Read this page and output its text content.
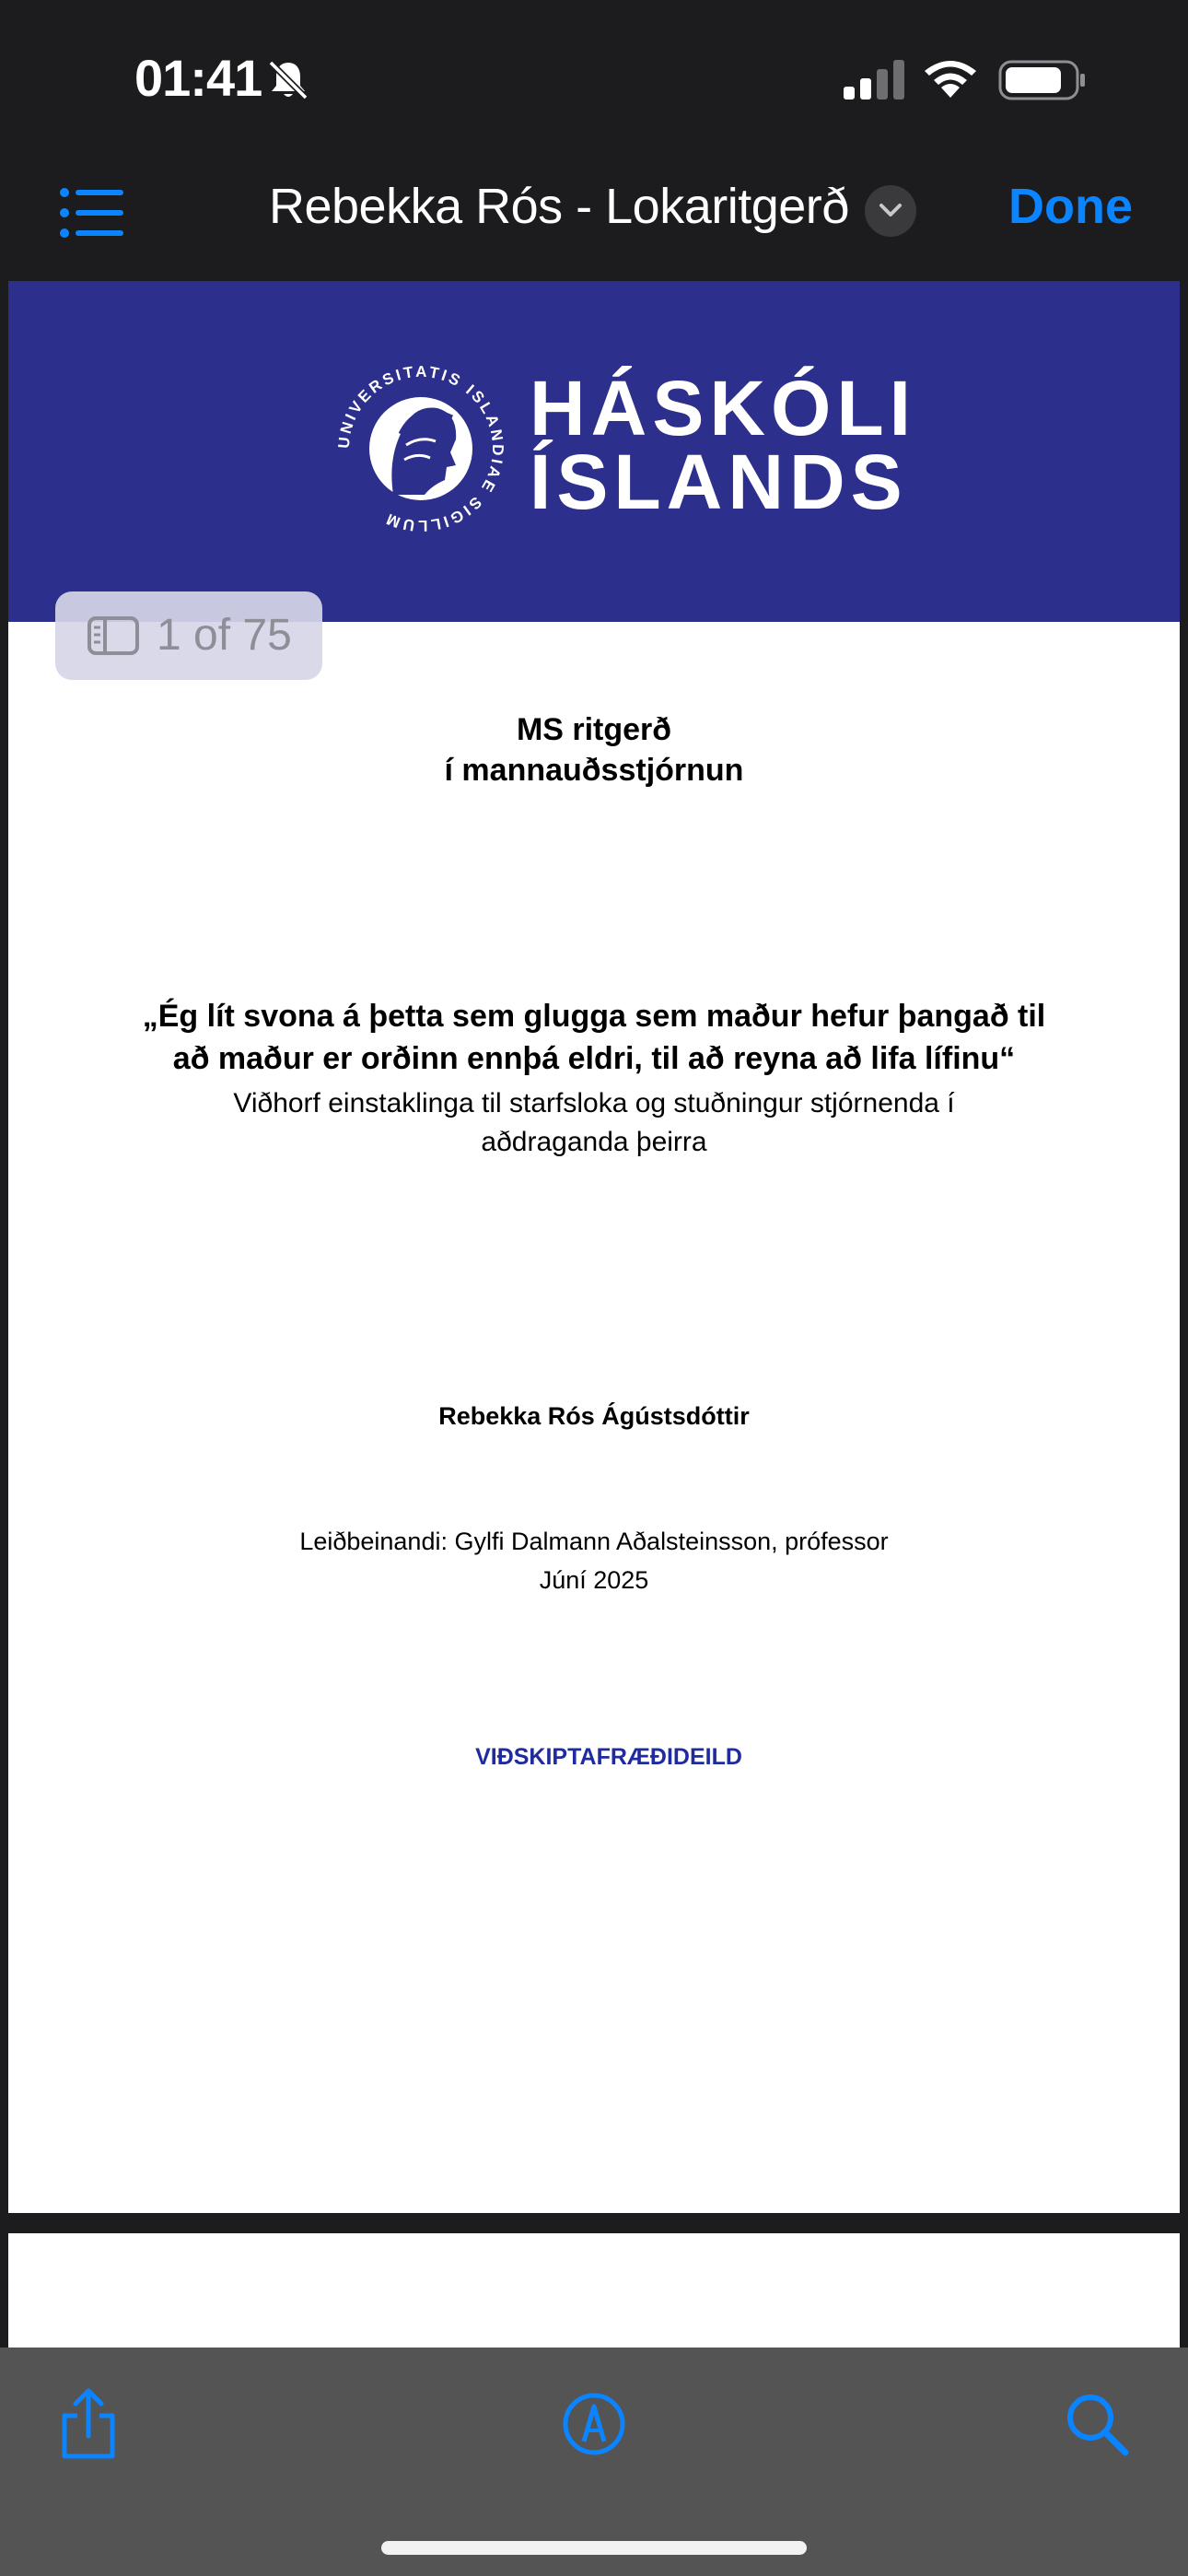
01:41
Rebekka Rós - Lokaritgerð	Done
UNIVERSITATIS ISLANDIAE SIGILLUM
HÁSKÓLI
ÍSLANDS
MS ritgerð
í mannauðsstjórnun
„Ég lít svona á þetta sem glugga sem maður hefur þangað til
að maður er orðinn ennþá eldri, til að reyna að lifa lífinu“
Viðhorf einstaklinga til starfsloka og stuðningur stjórnenda í
aðdraganda þeirra
Rebekka Rós Ágústsdóttir
Leiðbeinandi: Gylfi Dalmann Aðalsteinsson, prófessor
Júní 2025
VIÐSKIPTAFRÆÐIDEILD
1 of 75
